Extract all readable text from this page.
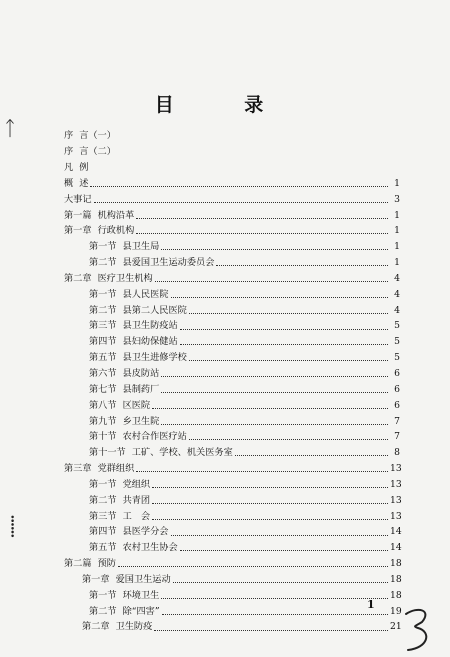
ᛏ
⸽
目 录
序 言（一）
序 言（二）
凡 例
概 述	1
大事记	3
第一篇 机构沿革	1
第一章 行政机构	1
第一节 县卫生局	1
第二节 县爱国卫生运动委员会	1
第二章 医疗卫生机构	4
第一节 县人民医院	4
第二节 县第二人民医院	4
第三节 县卫生防疫站	5
第四节 县妇幼保健站	5
第五节 县卫生进修学校	5
第六节 县皮防站	6
第七节 县制药厂	6
第八节 区医院	6
第九节 乡卫生院	7
第十节 农村合作医疗站	7
第十一节 工矿、学校、机关医务室	8
第三章 党群组织	13
第一节 党组织	13
第二节 共青团	13
第三节 工　会	13
第四节 县医学分会	14
第五节 农村卫生协会	14
第二篇 预防	18
第一章 爱国卫生运动	18
第一节 环境卫生	18
第二节 除“四害”	19
第二章 卫生防疫	21
1
